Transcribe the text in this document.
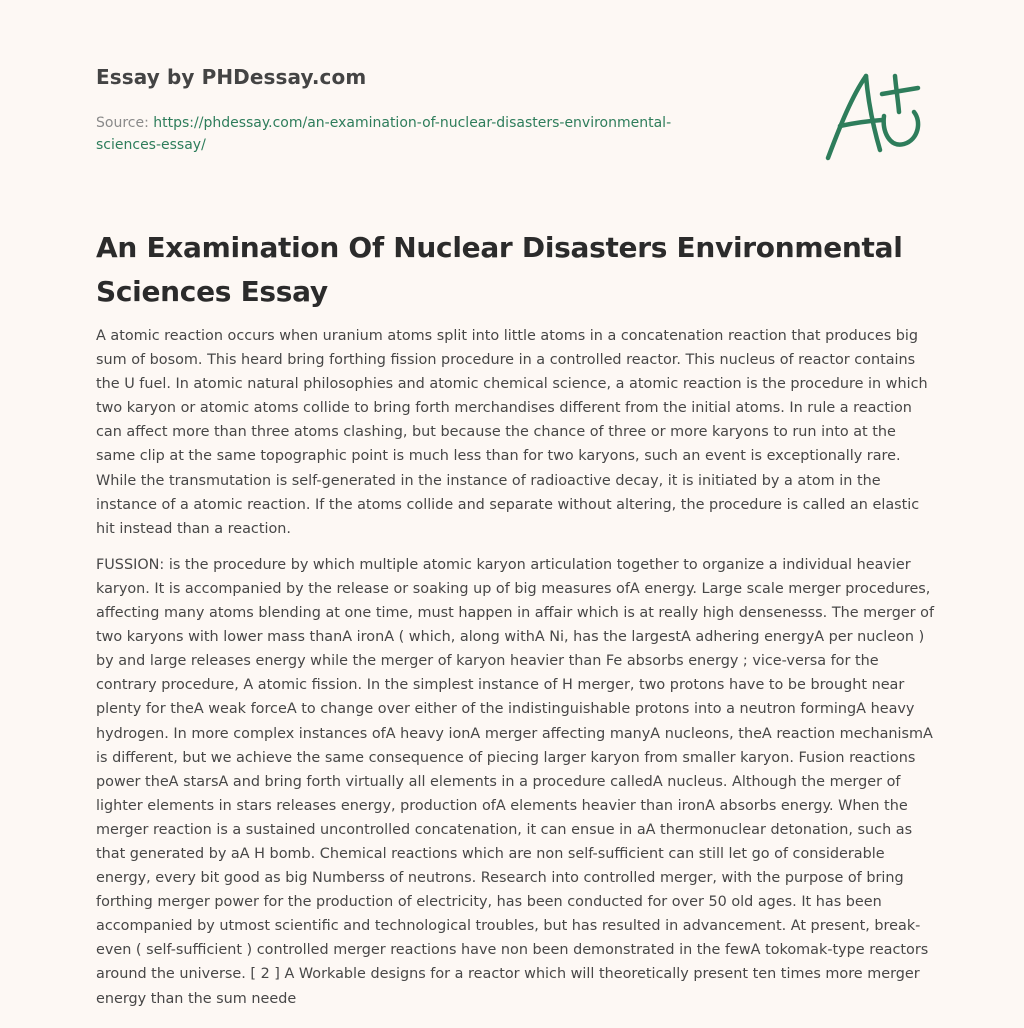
Essay by PHDessay.com
Source: https://phdessay.com/an-examination-of-nuclear-disasters-environmental-
sciences-essay/
An Examination Of Nuclear Disasters Environmental Sciences Essay

A atomic reaction occurs when uranium atoms split into little atoms in a concatenation reaction that produces big sum of bosom. This heard bring forthing fission procedure in a controlled reactor. This nucleus of reactor contains the U fuel. In atomic natural philosophies and atomic chemical science, a atomic reaction is the procedure in which two karyon or atomic atoms collide to bring forth merchandises different from the initial atoms. In rule a reaction can affect more than three atoms clashing, but because the chance of three or more karyons to run into at the same clip at the same topographic point is much less than for two karyons, such an event is exceptionally rare. While the transmutation is self-generated in the instance of radioactive decay, it is initiated by a atom in the instance of a atomic reaction. If the atoms collide and separate without altering, the procedure is called an elastic hit instead than a reaction.

FUSSION: is the procedure by which multiple atomic karyon articulation together to organize a individual heavier karyon. It is accompanied by the release or soaking up of big measures ofA energy. Large scale merger procedures, affecting many atoms blending at one time, must happen in affair which is at really high densenesss. The merger of two karyons with lower mass thanA ironA ( which, along withA Ni, has the largestA adhering energyA per nucleon ) by and large releases energy while the merger of karyon heavier than Fe absorbs energy ; vice-versa for the contrary procedure, A atomic fission. In the simplest instance of H merger, two protons have to be brought near plenty for theA weak forceA to change over either of the indistinguishable protons into a neutron formingA heavy hydrogen. In more complex instances ofA heavy ionA merger affecting manyA nucleons, theA reaction mechanismA is different, but we achieve the same consequence of piecing larger karyon from smaller karyon. Fusion reactions power theA starsA and bring forth virtually all elements in a procedure calledA nucleus. Although the merger of lighter elements in stars releases energy, production ofA elements heavier than ironA absorbs energy. When the merger reaction is a sustained uncontrolled concatenation, it can ensue in aA thermonuclear detonation, such as that generated by aA H bomb. Chemical reactions which are non self-sufficient can still let go of considerable energy, every bit good as big Numberss of neutrons. Research into controlled merger, with the purpose of bring forthing merger power for the production of electricity, has been conducted for over 50 old ages. It has been accompanied by utmost scientific and technological troubles, but has resulted in advancement. At present, break-even ( self-sufficient ) controlled merger reactions have non been demonstrated in the fewA tokomak-type reactors around the universe. [ 2 ] A Workable designs for a reactor which will theoretically present ten times more merger energy than the sum neede
